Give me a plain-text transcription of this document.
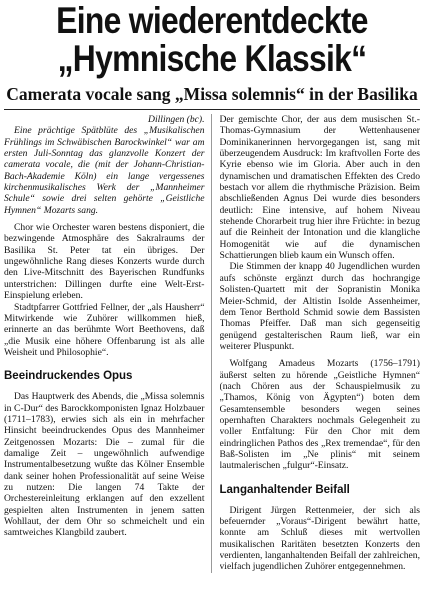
Eine wiederentdeckte
„Hymnische Klassik“
Camerata vocale sang „Missa solemnis“ in der Basilika

Dillingen (bc).

Eine prächtige Spätblüte des „Musikalischen Frühlings im Schwäbischen Barockwinkel“ war am ersten Juli-Sonntag das glanzvolle Konzert der camerata vocale, die (mit der Johann-Christian-Bach-Akademie Köln) ein lange vergessenes kirchenmusikalisches Werk der „Mannheimer Schule“ sowie drei selten gehörte „Geistliche Hymnen“ Mozarts sang.

Chor wie Orchester waren bestens disponiert, die bezwingende Atmosphäre des Sakralraums der Basilika St. Peter tat ein übriges. Der ungewöhnliche Rang dieses Konzerts wurde durch den Live-Mitschnitt des Bayerischen Rundfunks unterstrichen: Dillingen durfte eine Welt-Erst-Einspielung erleben.

Stadtpfarrer Gottfried Fellner, der „als Hausherr“ Mitwirkende wie Zuhörer willkommen hieß, erinnerte an das berühmte Wort Beethovens, daß „die Musik eine höhere Offenbarung ist als alle Weisheit und Philosophie“.

Beeindruckendes Opus

Das Hauptwerk des Abends, die „Missa solemnis in C-Dur“ des Barockkomponisten Ignaz Holzbauer (1711–1783), erwies sich als ein in mehrfacher Hinsicht beeindruckendes Opus des Mannheimer Zeitgenossen Mozarts: Die – zumal für die damalige Zeit – ungewöhnlich aufwendige Instrumentalbesetzung wußte das Kölner Ensemble dank seiner hohen Professionalität auf seine Weise zu nutzen: Die langen 74 Takte der Orchestereinleitung erklangen auf den exzellent gespielten alten Instrumenten in jenem satten Wohllaut, der dem Ohr so schmeichelt und ein samtweiches Klangbild zaubert.

Der gemischte Chor, der aus dem musischen St.-Thomas-Gymnasium der Wettenhausener Dominikanerinnen hervorgegangen ist, sang mit überzeugendem Ausdruck: Im kraftvollen Forte des Kyrie ebenso wie im Gloria. Aber auch in den dynamischen und dramatischen Effekten des Credo bestach vor allem die rhythmische Präzision. Beim abschließenden Agnus Dei wurde dies besonders deutlich: Eine intensive, auf hohem Niveau stehende Chorarbeit trug hier ihre Früchte: in bezug auf die Reinheit der Intonation und die klangliche Homogenität wie auf die dynamischen Schattierungen blieb kaum ein Wunsch offen.

Die Stimmen der knapp 40 Jugendlichen wurden aufs schönste ergänzt durch das hochrangige Solisten-Quartett mit der Sopranistin Monika Meier-Schmid, der Altistin Isolde Assenheimer, dem Tenor Berthold Schmid sowie dem Bassisten Thomas Pfeiffer. Daß man sich gegenseitig genügend gestalterischen Raum ließ, war ein weiterer Pluspunkt.

Wolfgang Amadeus Mozarts (1756–1791) äußerst selten zu hörende „Geistliche Hymnen“ (nach Chören aus der Schauspielmusik zu „Thamos, König von Ägypten“) boten dem Gesamtensemble besonders wegen seines opernhaften Charakters nochmals Gelegenheit zu voller Entfaltung: Für den Chor mit dem eindringlichen Pathos des „Rex tremendae“, für den Baß-Solisten im „Ne plinis“ mit seinem lautmalerischen „fulgur“-Einsatz.

Langanhaltender Beifall

Dirigent Jürgen Rettenmeier, der sich als befeuernder „Voraus“-Dirigent bewährt hatte, konnte am Schluß dieses mit wertvollen musikalischen Raritäten besetzten Konzerts den verdienten, langanhaltenden Beifall der zahlreichen, vielfach jugendlichen Zuhörer entgegennehmen.
